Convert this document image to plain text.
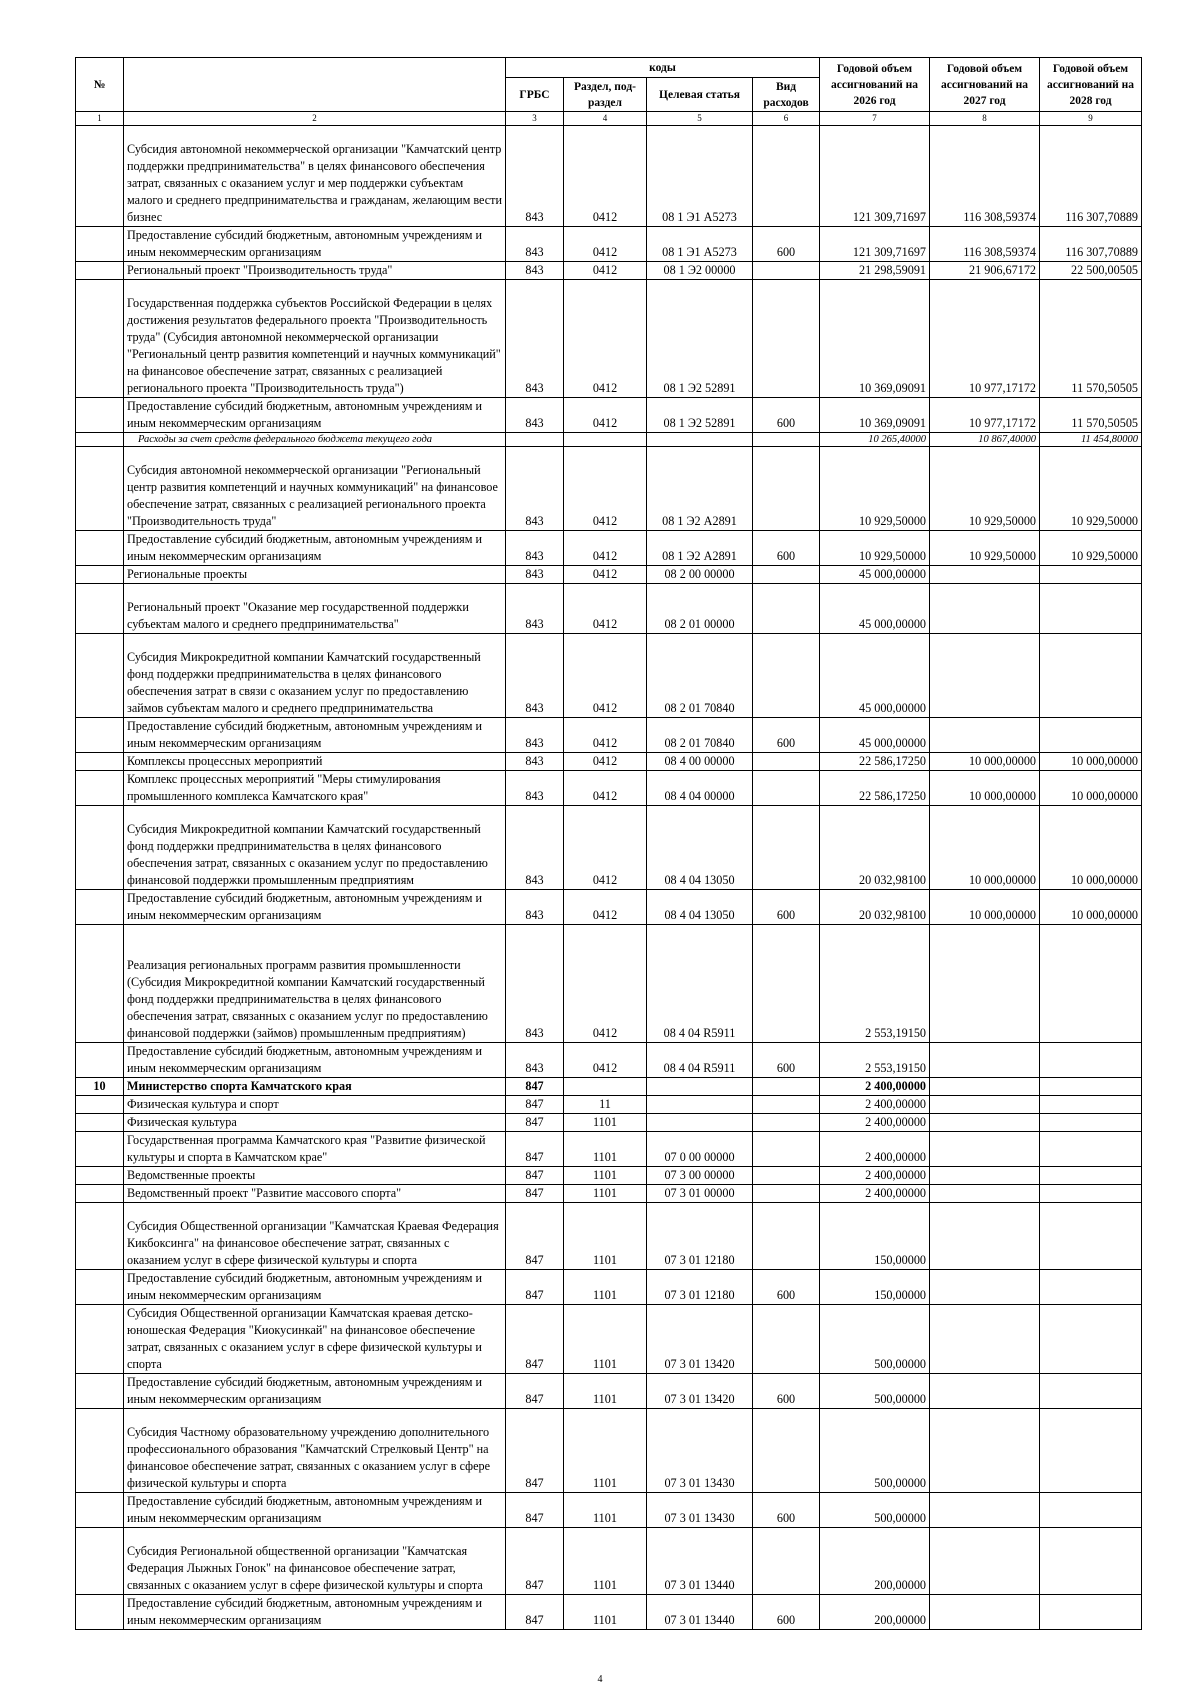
№		коды				Годовой объем ассигнований на 2026 год	Годовой объем ассигнований на 2027 год	Годовой объем ассигнований на 2028 год
		ГРБС	Раздел, под-раздел	Целевая статья	Вид расходов			
1	2	3	4	5	6	7	8	9
	Субсидия автономной некоммерческой организации "Камчатский центр поддержки предпринимательства" в целях финансового обеспечения затрат, связанных с оказанием услуг и мер поддержки субъектам малого и среднего предпринимательства и гражданам, желающим вести бизнес	843	0412	08 1 Э1 А5273		121 309,71697	116 308,59374	116 307,70889
	Предоставление субсидий бюджетным, автономным учреждениям и иным некоммерческим организациям	843	0412	08 1 Э1 А5273	600	121 309,71697	116 308,59374	116 307,70889
	Региональный проект "Производительность труда"	843	0412	08 1 Э2 00000		21 298,59091	21 906,67172	22 500,00505
	Государственная поддержка субъектов Российской Федерации в целях достижения результатов федерального проекта "Производительность труда" (Субсидия автономной некоммерческой организации "Региональный центр развития компетенций и научных коммуникаций" на финансовое обеспечение затрат, связанных с реализацией регионального проекта "Производительность труда")	843	0412	08 1 Э2 52891		10 369,09091	10 977,17172	11 570,50505
	Предоставление субсидий бюджетным, автономным учреждениям и иным некоммерческим организациям	843	0412	08 1 Э2 52891	600	10 369,09091	10 977,17172	11 570,50505
	Расходы за счет средств федерального бюджета текущего года					10 265,40000	10 867,40000	11 454,80000
	Субсидия автономной некоммерческой организации "Региональный центр развития компетенций и научных коммуникаций" на финансовое обеспечение затрат, связанных с реализацией регионального проекта "Производительность труда"	843	0412	08 1 Э2 А2891		10 929,50000	10 929,50000	10 929,50000
	Предоставление субсидий бюджетным, автономным учреждениям и иным некоммерческим организациям	843	0412	08 1 Э2 А2891	600	10 929,50000	10 929,50000	10 929,50000
	Региональные проекты	843	0412	08 2 00 00000		45 000,00000		
	Региональный проект "Оказание мер государственной поддержки субъектам малого и среднего предпринимательства"	843	0412	08 2 01 00000		45 000,00000		
	Субсидия Микрокредитной компании Камчатский государственный фонд поддержки предпринимательства в целях финансового обеспечения затрат в связи с оказанием услуг по предоставлению займов субъектам малого и среднего предпринимательства	843	0412	08 2 01 70840		45 000,00000		
	Предоставление субсидий бюджетным, автономным учреждениям и иным некоммерческим организациям	843	0412	08 2 01 70840	600	45 000,00000		
	Комплексы процессных мероприятий	843	0412	08 4 00 00000		22 586,17250	10 000,00000	10 000,00000
	Комплекс процессных мероприятий "Меры стимулирования промышленного комплекса Камчатского края"	843	0412	08 4 04 00000		22 586,17250	10 000,00000	10 000,00000
	Субсидия Микрокредитной компании Камчатский государственный фонд поддержки предпринимательства в целях финансового обеспечения затрат, связанных с оказанием услуг по предоставлению финансовой поддержки промышленным предприятиям	843	0412	08 4 04 13050		20 032,98100	10 000,00000	10 000,00000
	Предоставление субсидий бюджетным, автономным учреждениям и иным некоммерческим организациям	843	0412	08 4 04 13050	600	20 032,98100	10 000,00000	10 000,00000
	Реализация региональных программ развития промышленности (Субсидия Микрокредитной компании Камчатский государственный фонд поддержки предпринимательства в целях финансового обеспечения затрат, связанных с оказанием услуг по предоставлению финансовой поддержки (займов) промышленным предприятиям)	843	0412	08 4 04 R5911		2 553,19150		
	Предоставление субсидий бюджетным, автономным учреждениям и иным некоммерческим организациям	843	0412	08 4 04 R5911	600	2 553,19150		
10	Министерство спорта Камчатского края	847				2 400,00000		
	Физическая культура и спорт	847	11			2 400,00000		
	Физическая культура	847	1101			2 400,00000		
	Государственная программа Камчатского края "Развитие физической культуры и спорта в Камчатском крае"	847	1101	07 0 00 00000		2 400,00000		
	Ведомственные проекты	847	1101	07 3 00 00000		2 400,00000		
	Ведомственный проект "Развитие массового спорта"	847	1101	07 3 01 00000		2 400,00000		
	Субсидия Общественной организации "Камчатская Краевая Федерация Кикбоксинга" на финансовое обеспечение затрат, связанных с оказанием услуг в сфере физической культуры и спорта	847	1101	07 3 01 12180		150,00000		
	Предоставление субсидий бюджетным, автономным учреждениям и иным некоммерческим организациям	847	1101	07 3 01 12180	600	150,00000		
	Субсидия Общественной организации Камчатская краевая детско-юношеская Федерация "Киокусинкай" на финансовое обеспечение затрат, связанных с оказанием услуг в сфере физической культуры и спорта	847	1101	07 3 01 13420		500,00000		
	Предоставление субсидий бюджетным, автономным учреждениям и иным некоммерческим организациям	847	1101	07 3 01 13420	600	500,00000		
	Субсидия Частному образовательному учреждению дополнительного профессионального образования "Камчатский Стрелковый Центр" на финансовое обеспечение затрат, связанных с оказанием услуг в сфере физической культуры и спорта	847	1101	07 3 01 13430		500,00000		
	Предоставление субсидий бюджетным, автономным учреждениям и иным некоммерческим организациям	847	1101	07 3 01 13430	600	500,00000		
	Субсидия Региональной общественной организации "Камчатская Федерация Лыжных Гонок" на финансовое обеспечение затрат, связанных с оказанием услуг в сфере физической культуры и спорта	847	1101	07 3 01 13440		200,00000		
	Предоставление субсидий бюджетным, автономным учреждениям и иным некоммерческим организациям	847	1101	07 3 01 13440	600	200,00000		
4
